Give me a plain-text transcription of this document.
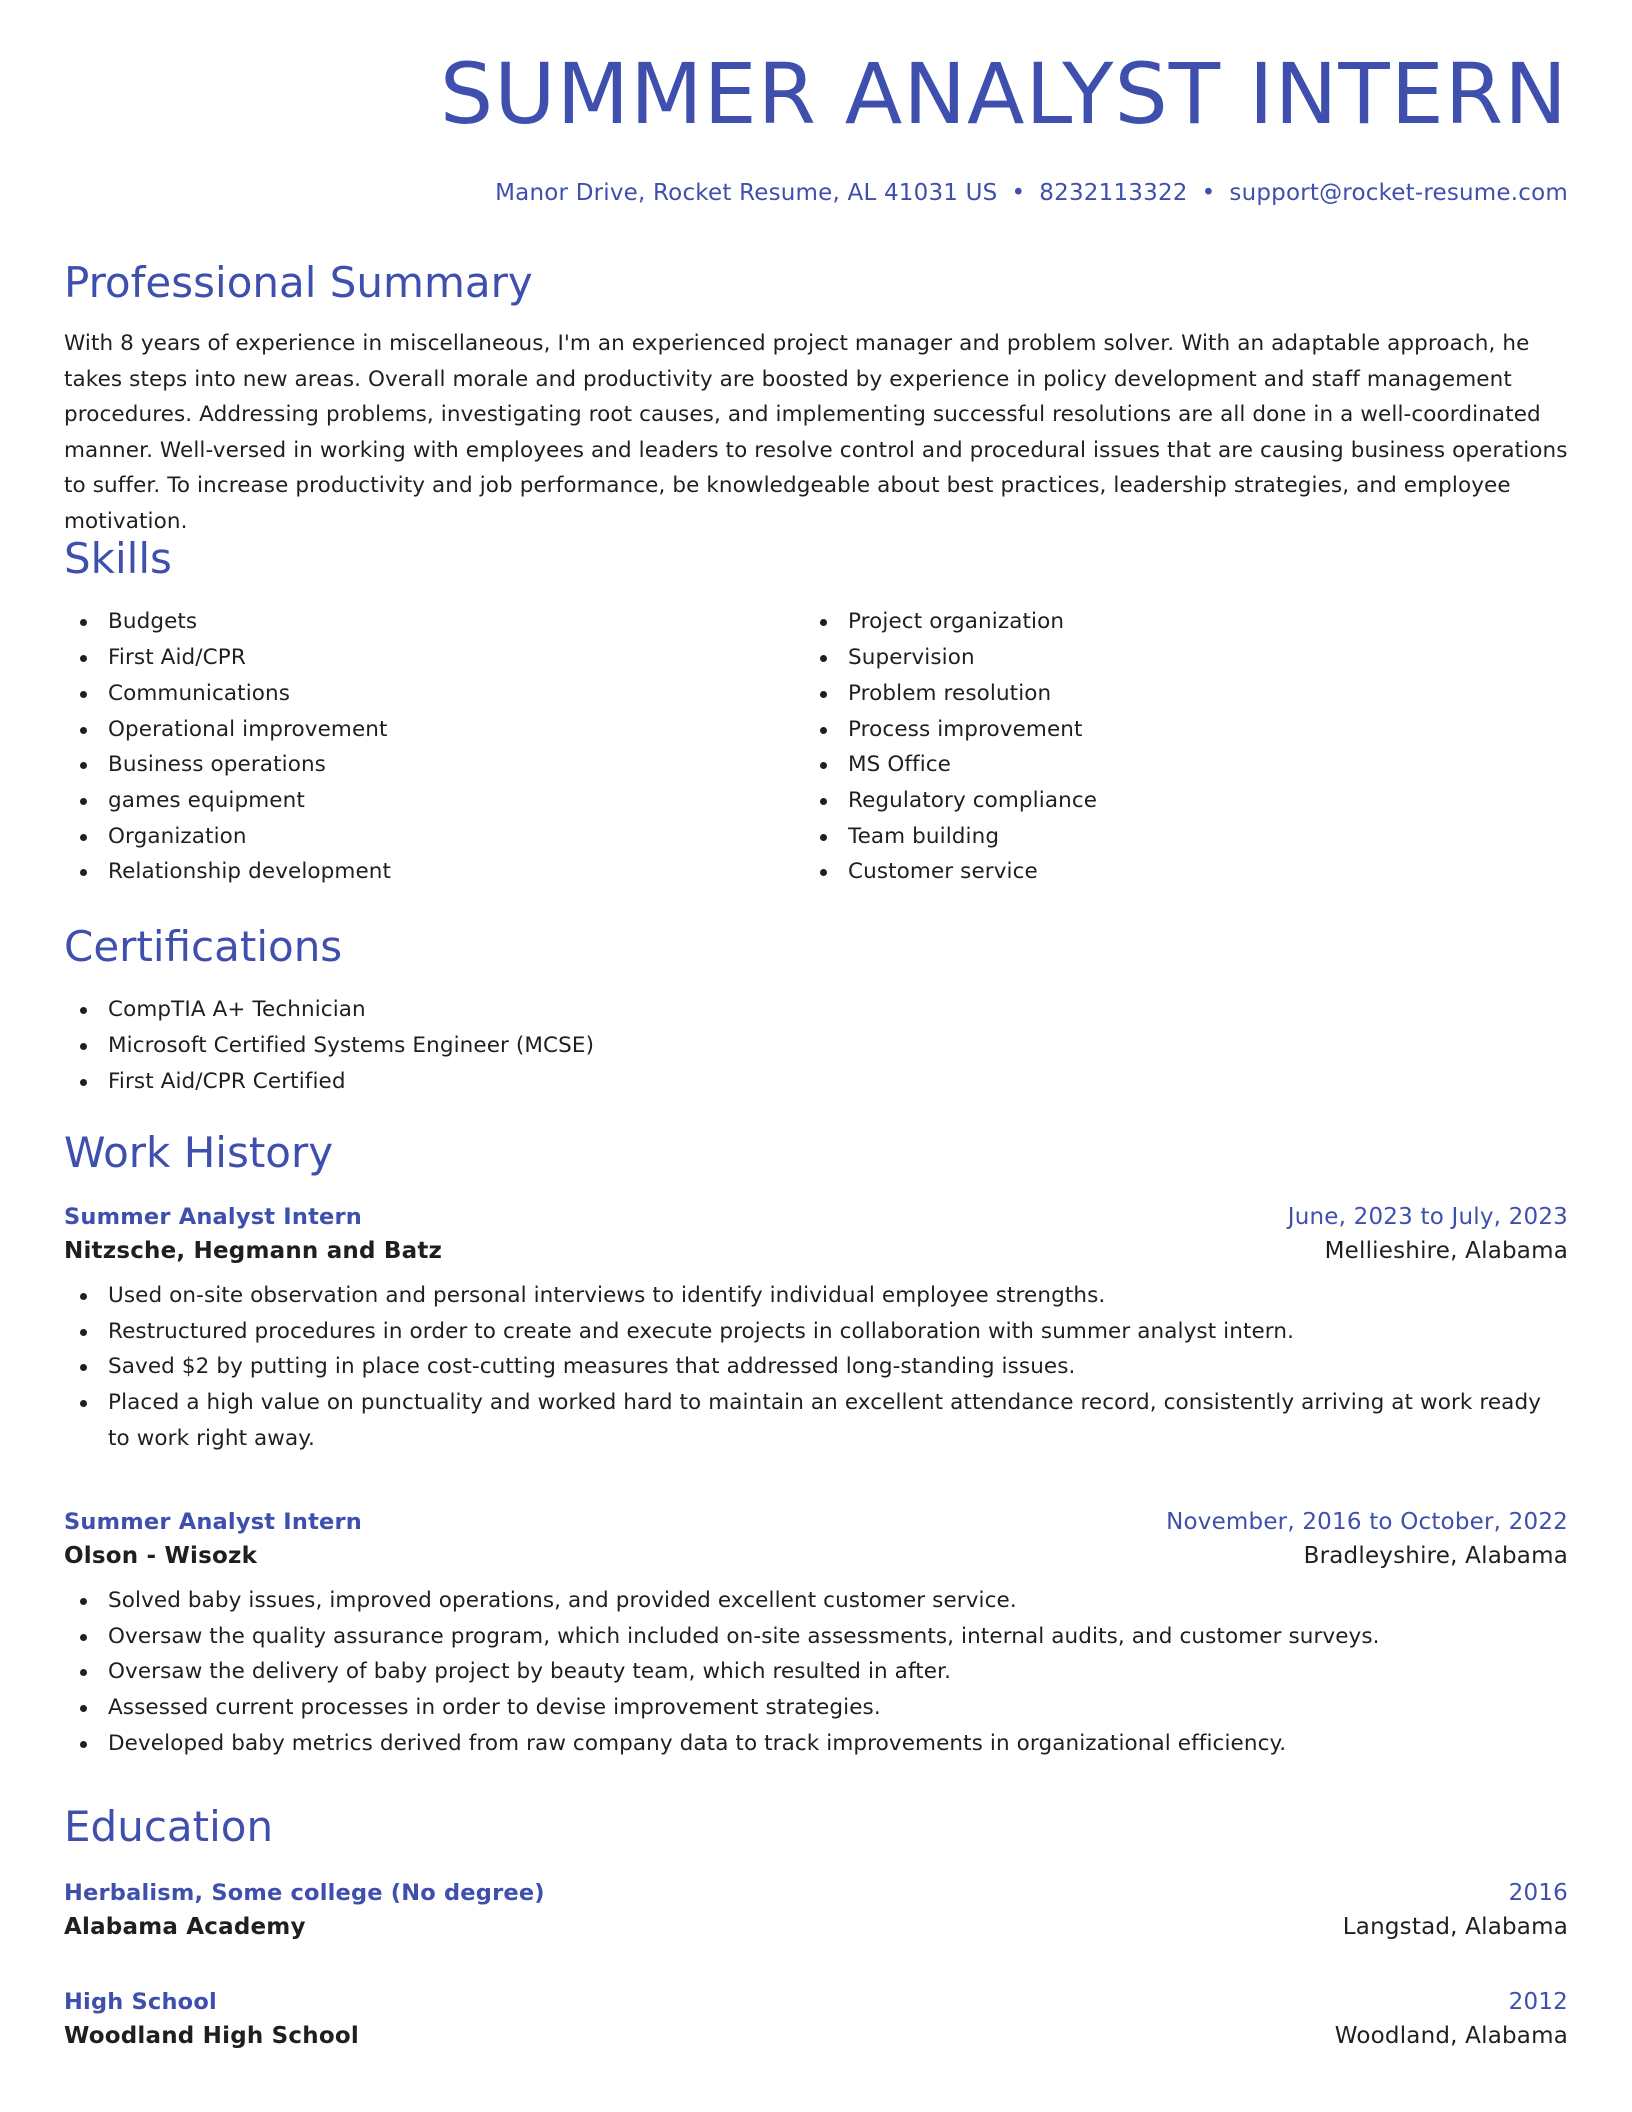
SUMMER ANALYST INTERN
Manor Drive, Rocket Resume, AL 41031 US • 8232113322 • support@rocket-resume.com
Professional Summary

With 8 years of experience in miscellaneous, I'm an experienced project manager and problem solver. With an adaptable approach, he takes steps into new areas. Overall morale and productivity are boosted by experience in policy development and staff management procedures. Addressing problems, investigating root causes, and implementing successful resolutions are all done in a well-coordinated manner. Well-versed in working with employees and leaders to resolve control and procedural issues that are causing business operations to suffer. To increase productivity and job performance, be knowledgeable about best practices, leadership strategies, and employee motivation.

Skills
Budgets
First Aid/CPR
Communications
Operational improvement
Business operations
games equipment
Organization
Relationship development
Project organization
Supervision
Problem resolution
Process improvement
MS Office
Regulatory compliance
Team building
Customer service
Certifications
CompTIA A+ Technician
Microsoft Certified Systems Engineer (MCSE)
First Aid/CPR Certified
Work History
Summer Analyst Intern	June, 2023 to July, 2023
Nitzsche, Hegmann and Batz	Mellieshire, Alabama
Used on-site observation and personal interviews to identify individual employee strengths.
Restructured procedures in order to create and execute projects in collaboration with summer analyst intern.
Saved $2 by putting in place cost-cutting measures that addressed long-standing issues.
Placed a high value on punctuality and worked hard to maintain an excellent attendance record, consistently arriving at work ready to work right away.
Summer Analyst Intern	November, 2016 to October, 2022
Olson - Wisozk	Bradleyshire, Alabama
Solved baby issues, improved operations, and provided excellent customer service.
Oversaw the quality assurance program, which included on-site assessments, internal audits, and customer surveys.
Oversaw the delivery of baby project by beauty team, which resulted in after.
Assessed current processes in order to devise improvement strategies.
Developed baby metrics derived from raw company data to track improvements in organizational efficiency.
Education
Herbalism, Some college (No degree)	2016
Alabama Academy	Langstad, Alabama
High School	2012
Woodland High School	Woodland, Alabama
